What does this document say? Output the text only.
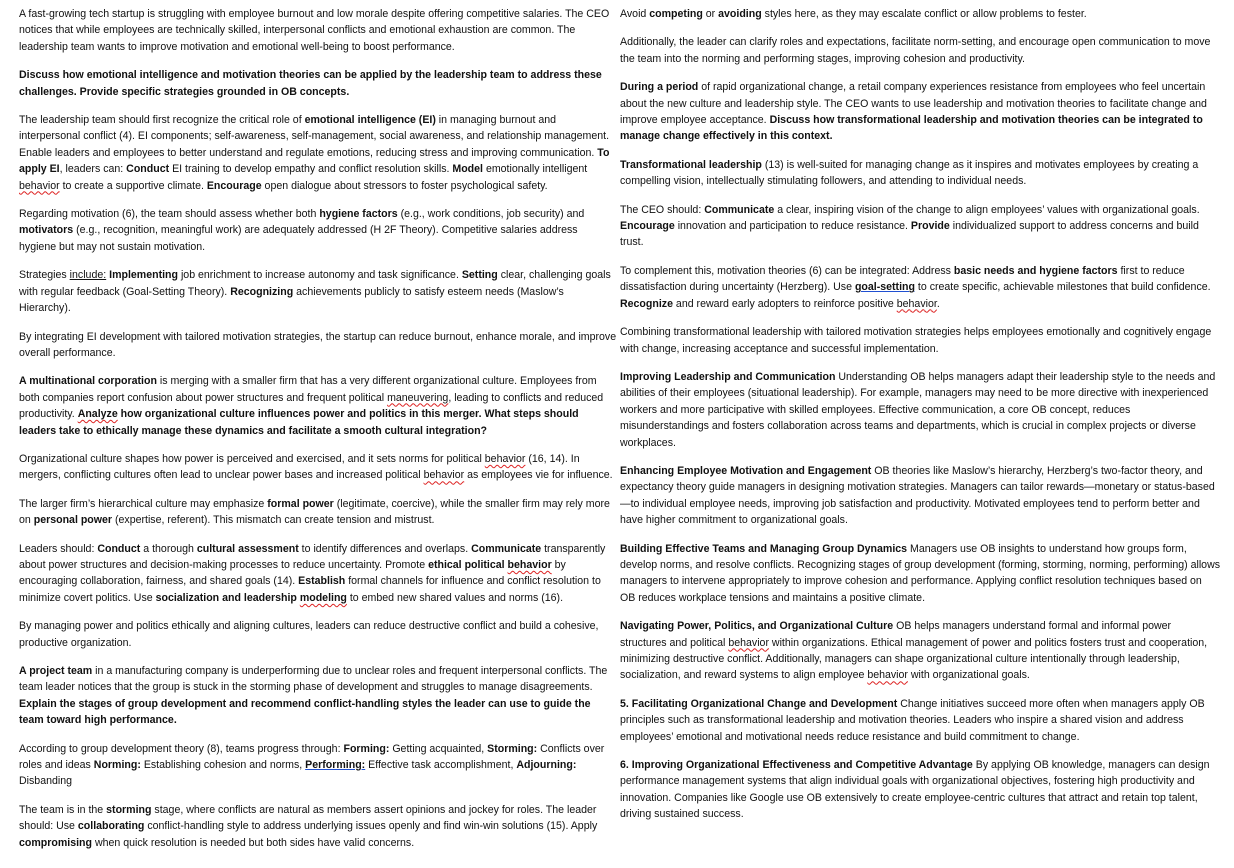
A fast-growing tech startup is struggling with employee burnout and low morale despite offering competitive salaries. The CEO notices that while employees are technically skilled, interpersonal conflicts and emotional exhaustion are common. The leadership team wants to improve motivation and emotional well-being to boost performance.

Discuss how emotional intelligence and motivation theories can be applied by the leadership team to address these challenges. Provide specific strategies grounded in OB concepts.

The leadership team should first recognize the critical role of emotional intelligence (EI) in managing burnout and interpersonal conflict (4). EI components; self-awareness, self-management, social awareness, and relationship management. Enable leaders and employees to better understand and regulate emotions, reducing stress and improving communication. To apply EI, leaders can: Conduct EI training to develop empathy and conflict resolution skills. Model emotionally intelligent behavior to create a supportive climate. Encourage open dialogue about stressors to foster psychological safety.

Regarding motivation (6), the team should assess whether both hygiene factors (e.g., work conditions, job security) and motivators (e.g., recognition, meaningful work) are adequately addressed (H 2F Theory). Competitive salaries address hygiene but may not sustain motivation.

Strategies include: Implementing job enrichment to increase autonomy and task significance. Setting clear, challenging goals with regular feedback (Goal-Setting Theory). Recognizing achievements publicly to satisfy esteem needs (Maslow’s Hierarchy).

By integrating EI development with tailored motivation strategies, the startup can reduce burnout, enhance morale, and improve overall performance.

A multinational corporation is merging with a smaller firm that has a very different organizational culture. Employees from both companies report confusion about power structures and frequent political maneuvering, leading to conflicts and reduced productivity. Analyze how organizational culture influences power and politics in this merger. What steps should leaders take to ethically manage these dynamics and facilitate a smooth cultural integration?

Organizational culture shapes how power is perceived and exercised, and it sets norms for political behavior (16, 14). In mergers, conflicting cultures often lead to unclear power bases and increased political behavior as employees vie for influence.

The larger firm’s hierarchical culture may emphasize formal power (legitimate, coercive), while the smaller firm may rely more on personal power (expertise, referent). This mismatch can create tension and mistrust.

Leaders should: Conduct a thorough cultural assessment to identify differences and overlaps. Communicate transparently about power structures and decision-making processes to reduce uncertainty. Promote ethical political behavior by encouraging collaboration, fairness, and shared goals (14). Establish formal channels for influence and conflict resolution to minimize covert politics. Use socialization and leadership modeling to embed new shared values and norms (16).

By managing power and politics ethically and aligning cultures, leaders can reduce destructive conflict and build a cohesive, productive organization.

A project team in a manufacturing company is underperforming due to unclear roles and frequent interpersonal conflicts. The team leader notices that the group is stuck in the storming phase of development and struggles to manage disagreements. Explain the stages of group development and recommend conflict-handling styles the leader can use to guide the team toward high performance.

According to group development theory (8), teams progress through: Forming: Getting acquainted, Storming: Conflicts over roles and ideas Norming: Establishing cohesion and norms, Performing: Effective task accomplishment, Adjourning: Disbanding

The team is in the storming stage, where conflicts are natural as members assert opinions and jockey for roles. The leader should: Use collaborating conflict-handling style to address underlying issues openly and find win-win solutions (15). Apply compromising when quick resolution is needed but both sides have valid concerns.

Avoid competing or avoiding styles here, as they may escalate conflict or allow problems to fester.

Additionally, the leader can clarify roles and expectations, facilitate norm-setting, and encourage open communication to move the team into the norming and performing stages, improving cohesion and productivity.

During a period of rapid organizational change, a retail company experiences resistance from employees who feel uncertain about the new culture and leadership style. The CEO wants to use leadership and motivation theories to facilitate change and improve employee acceptance. Discuss how transformational leadership and motivation theories can be integrated to manage change effectively in this context.

Transformational leadership (13) is well-suited for managing change as it inspires and motivates employees by creating a compelling vision, intellectually stimulating followers, and attending to individual needs.

The CEO should: Communicate a clear, inspiring vision of the change to align employees’ values with organizational goals. Encourage innovation and participation to reduce resistance. Provide individualized support to address concerns and build trust.

To complement this, motivation theories (6) can be integrated: Address basic needs and hygiene factors first to reduce dissatisfaction during uncertainty (Herzberg). Use goal-setting to create specific, achievable milestones that build confidence. Recognize and reward early adopters to reinforce positive behavior.

Combining transformational leadership with tailored motivation strategies helps employees emotionally and cognitively engage with change, increasing acceptance and successful implementation.

Improving Leadership and Communication Understanding OB helps managers adapt their leadership style to the needs and abilities of their employees (situational leadership). For example, managers may need to be more directive with inexperienced workers and more participative with skilled employees. Effective communication, a core OB concept, reduces misunderstandings and fosters collaboration across teams and departments, which is crucial in complex projects or diverse workplaces.

Enhancing Employee Motivation and Engagement OB theories like Maslow’s hierarchy, Herzberg’s two-factor theory, and expectancy theory guide managers in designing motivation strategies. Managers can tailor rewards—monetary or status-based—to individual employee needs, improving job satisfaction and productivity. Motivated employees tend to perform better and have higher commitment to organizational goals.

Building Effective Teams and Managing Group Dynamics Managers use OB insights to understand how groups form, develop norms, and resolve conflicts. Recognizing stages of group development (forming, storming, norming, performing) allows managers to intervene appropriately to improve cohesion and performance. Applying conflict resolution techniques based on OB reduces workplace tensions and maintains a positive climate.

Navigating Power, Politics, and Organizational Culture OB helps managers understand formal and informal power structures and political behavior within organizations. Ethical management of power and politics fosters trust and cooperation, minimizing destructive conflict. Additionally, managers can shape organizational culture intentionally through leadership, socialization, and reward systems to align employee behavior with organizational goals.

5. Facilitating Organizational Change and Development Change initiatives succeed more often when managers apply OB principles such as transformational leadership and motivation theories. Leaders who inspire a shared vision and address employees’ emotional and motivational needs reduce resistance and build commitment to change.

6. Improving Organizational Effectiveness and Competitive Advantage By applying OB knowledge, managers can design performance management systems that align individual goals with organizational objectives, fostering high productivity and innovation. Companies like Google use OB extensively to create employee-centric cultures that attract and retain top talent, driving sustained success.
